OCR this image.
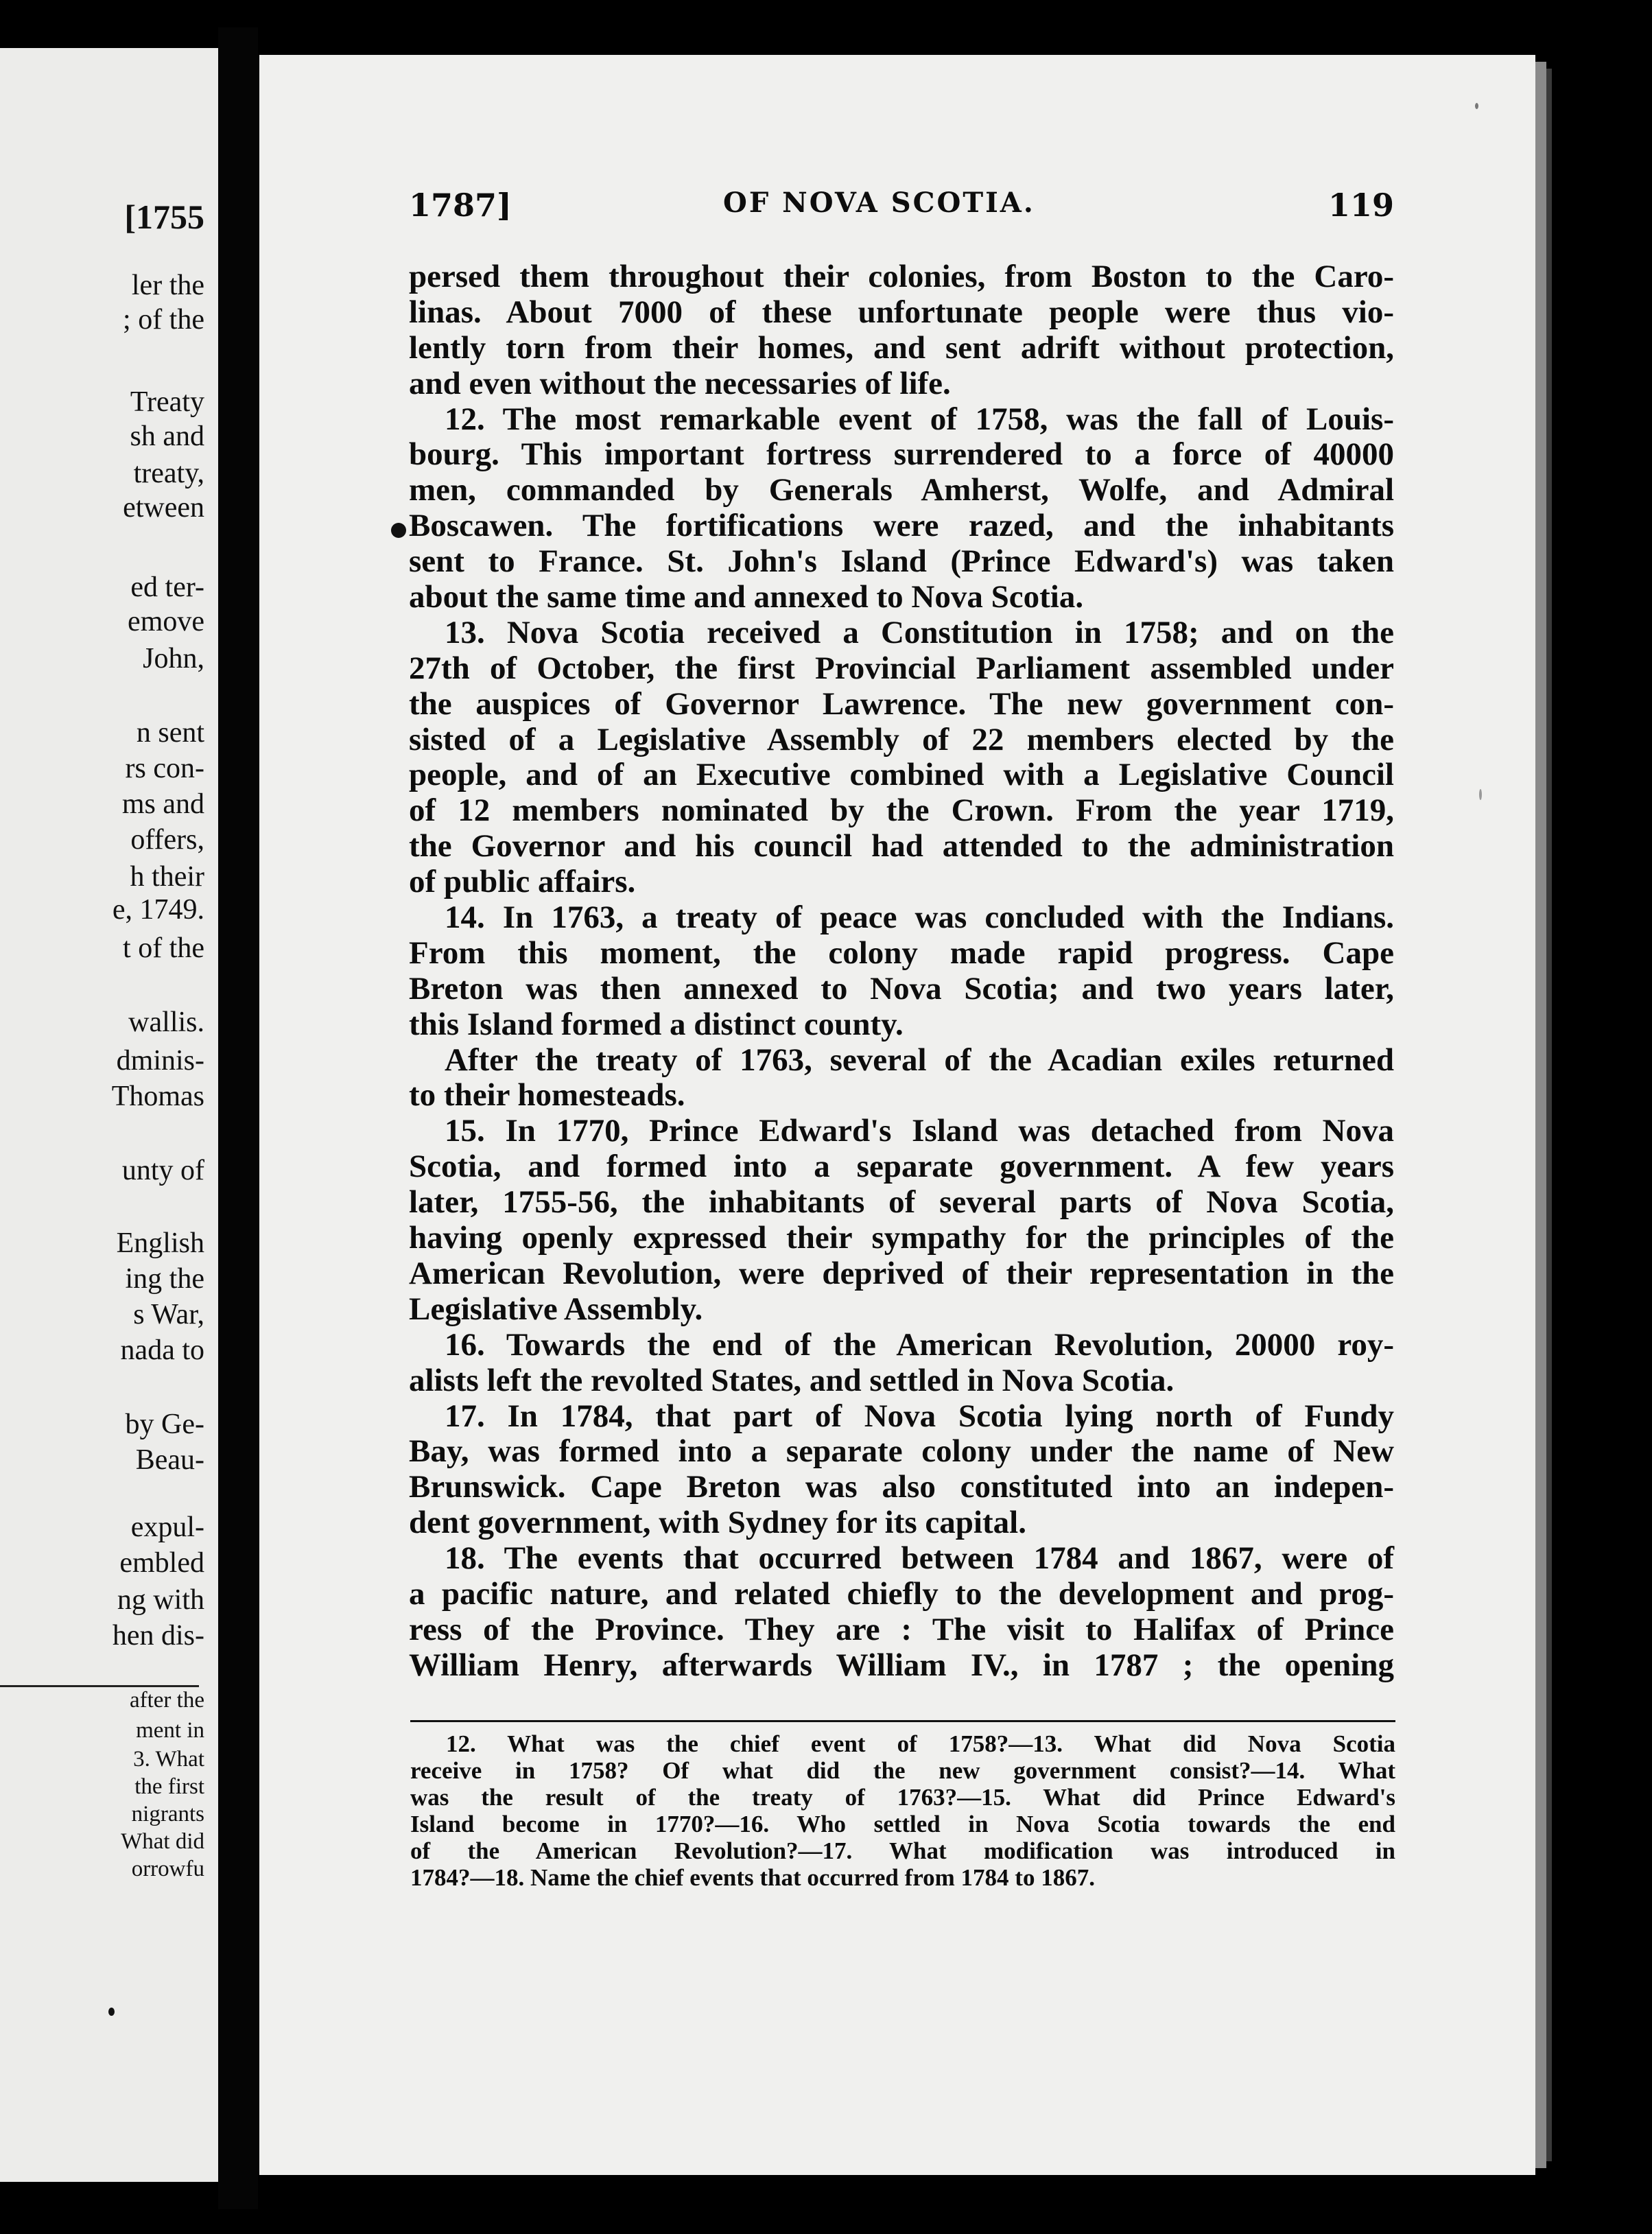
[1755
ler the
; of the
Treaty
sh and
treaty,
etween
ed ter-
emove
John,
n sent
rs con-
ms and
offers,
h their
e, 1749.
t of the
wallis.
dminis-
Thomas
unty of
English
ing the
s War,
nada to
by Ge-
Beau-
expul-
embled
ng with
hen dis-
after the
ment in
3. What
the first
nigrants
What did
orrowfu
1787]	OF NOVA SCOTIA.	119
persed them throughout their colonies, from Boston to the Caro-
linas. About 7000 of these unfortunate people were thus vio-
lently torn from their homes, and sent adrift without protection,
and even without the necessaries of life.
12. The most remarkable event of 1758, was the fall of Louis-
bourg. This important fortress surrendered to a force of 40000
men, commanded by Generals Amherst, Wolfe, and Admiral
Boscawen. The fortifications were razed, and the inhabitants
sent to France. St. John's Island (Prince Edward's) was taken
about the same time and annexed to Nova Scotia.
13. Nova Scotia received a Constitution in 1758; and on the
27th of October, the first Provincial Parliament assembled under
the auspices of Governor Lawrence. The new government con-
sisted of a Legislative Assembly of 22 members elected by the
people, and of an Executive combined with a Legislative Council
of 12 members nominated by the Crown. From the year 1719,
the Governor and his council had attended to the administration
of public affairs.
14. In 1763, a treaty of peace was concluded with the Indians.
From this moment, the colony made rapid progress. Cape
Breton was then annexed to Nova Scotia; and two years later,
this Island formed a distinct county.
After the treaty of 1763, several of the Acadian exiles returned
to their homesteads.
15. In 1770, Prince Edward's Island was detached from Nova
Scotia, and formed into a separate government. A few years
later, 1755-56, the inhabitants of several parts of Nova Scotia,
having openly expressed their sympathy for the principles of the
American Revolution, were deprived of their representation in the
Legislative Assembly.
16. Towards the end of the American Revolution, 20000 roy-
alists left the revolted States, and settled in Nova Scotia.
17. In 1784, that part of Nova Scotia lying north of Fundy
Bay, was formed into a separate colony under the name of New
Brunswick. Cape Breton was also constituted into an indepen-
dent government, with Sydney for its capital.
18. The events that occurred between 1784 and 1867, were of
a pacific nature, and related chiefly to the development and prog-
ress of the Province. They are : The visit to Halifax of Prince
William Henry, afterwards William IV., in 1787 ; the opening
12. What was the chief event of 1758?—13. What did Nova Scotia
receive in 1758? Of what did the new government consist?—14. What
was the result of the treaty of 1763?—15. What did Prince Edward's
Island become in 1770?—16. Who settled in Nova Scotia towards the end
of the American Revolution?—17. What modification was introduced in
1784?—18. Name the chief events that occurred from 1784 to 1867.
